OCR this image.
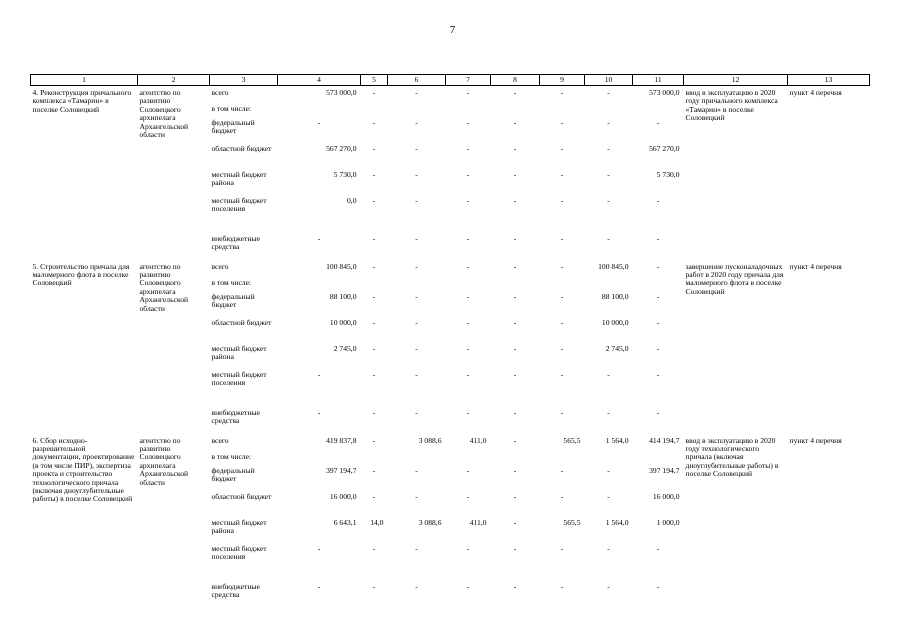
7
1	2	3	4	5	6	7	8	9	10	11	12	13
4. Реконструкция причального комплекса «Тамарин» в поселке Соловецкий	агентство по развитию Соловецкого архипелага Архангельской области	всего	573 000,0	-	-	-	-	-	-	573 000,0	ввод в эксплуатацию в 2020 году причального комплекса «Тамарин» в поселке Соловецкий	пункт 4 перечня
		в том числе:										
		федеральный бюджет	-	-	-	-	-	-	-	-		
		областной бюджет	567 270,0	-	-	-	-	-	-	567 270,0		
		местный бюджет района	5 730,0	-	-	-	-	-	-	5 730,0		
		местный бюджет поселения	0,0	-	-	-	-	-	-	-		
		внебюджетные средства	-	-	-	-	-	-	-	-		
5. Строительство причала для маломерного флота в поселке Соловецкий	агентство по развитию Соловецкого архипелага Архангельской области	всего	100 845,0	-	-	-	-	-	100 845,0	-	завершение пусконаладочных работ в 2020 году причала для маломерного флота в поселке Соловецкий	пункт 4 перечня
		в том числе:										
		федеральный бюджет	88 100,0	-	-	-	-	-	88 100,0	-		
		областной бюджет	10 000,0	-	-	-	-	-	10 000,0	-		
		местный бюджет района	2 745,0	-	-	-	-	-	2 745,0	-		
		местный бюджет поселения	-	-	-	-	-	-	-	-		
		внебюджетные средства	-	-	-	-	-	-	-	-		
6. Сбор исходно-разрешительной документации, проектирование (в том числе ПИР), экспертиза проекта и строительство технологического причала (включая дноуглубительные работы) в поселке Соловецкий	агентство по развитию Соловецкого архипелага Архангельской области	всего	419 837,8	-	3 088,6	411,0	-	565,5	1 564,0	414 194,7	ввод в эксплуатацию в 2020 году технологического причала (включая дноуглубительные работы) в поселке Соловецкий	пункт 4 перечня
		в том числе:										
		федеральный бюджет	397 194,7	-	-	-	-	-	-	397 194,7		
		областной бюджет	16 000,0	-	-	-	-	-	-	16 000,0		
		местный бюджет района	6 643,1	14,0	3 088,6	411,0	-	565,5	1 564,0	1 000,0		
		местный бюджет поселения	-	-	-	-	-	-	-	-		
		внебюджетные средства	-	-	-	-	-	-	-	-		
